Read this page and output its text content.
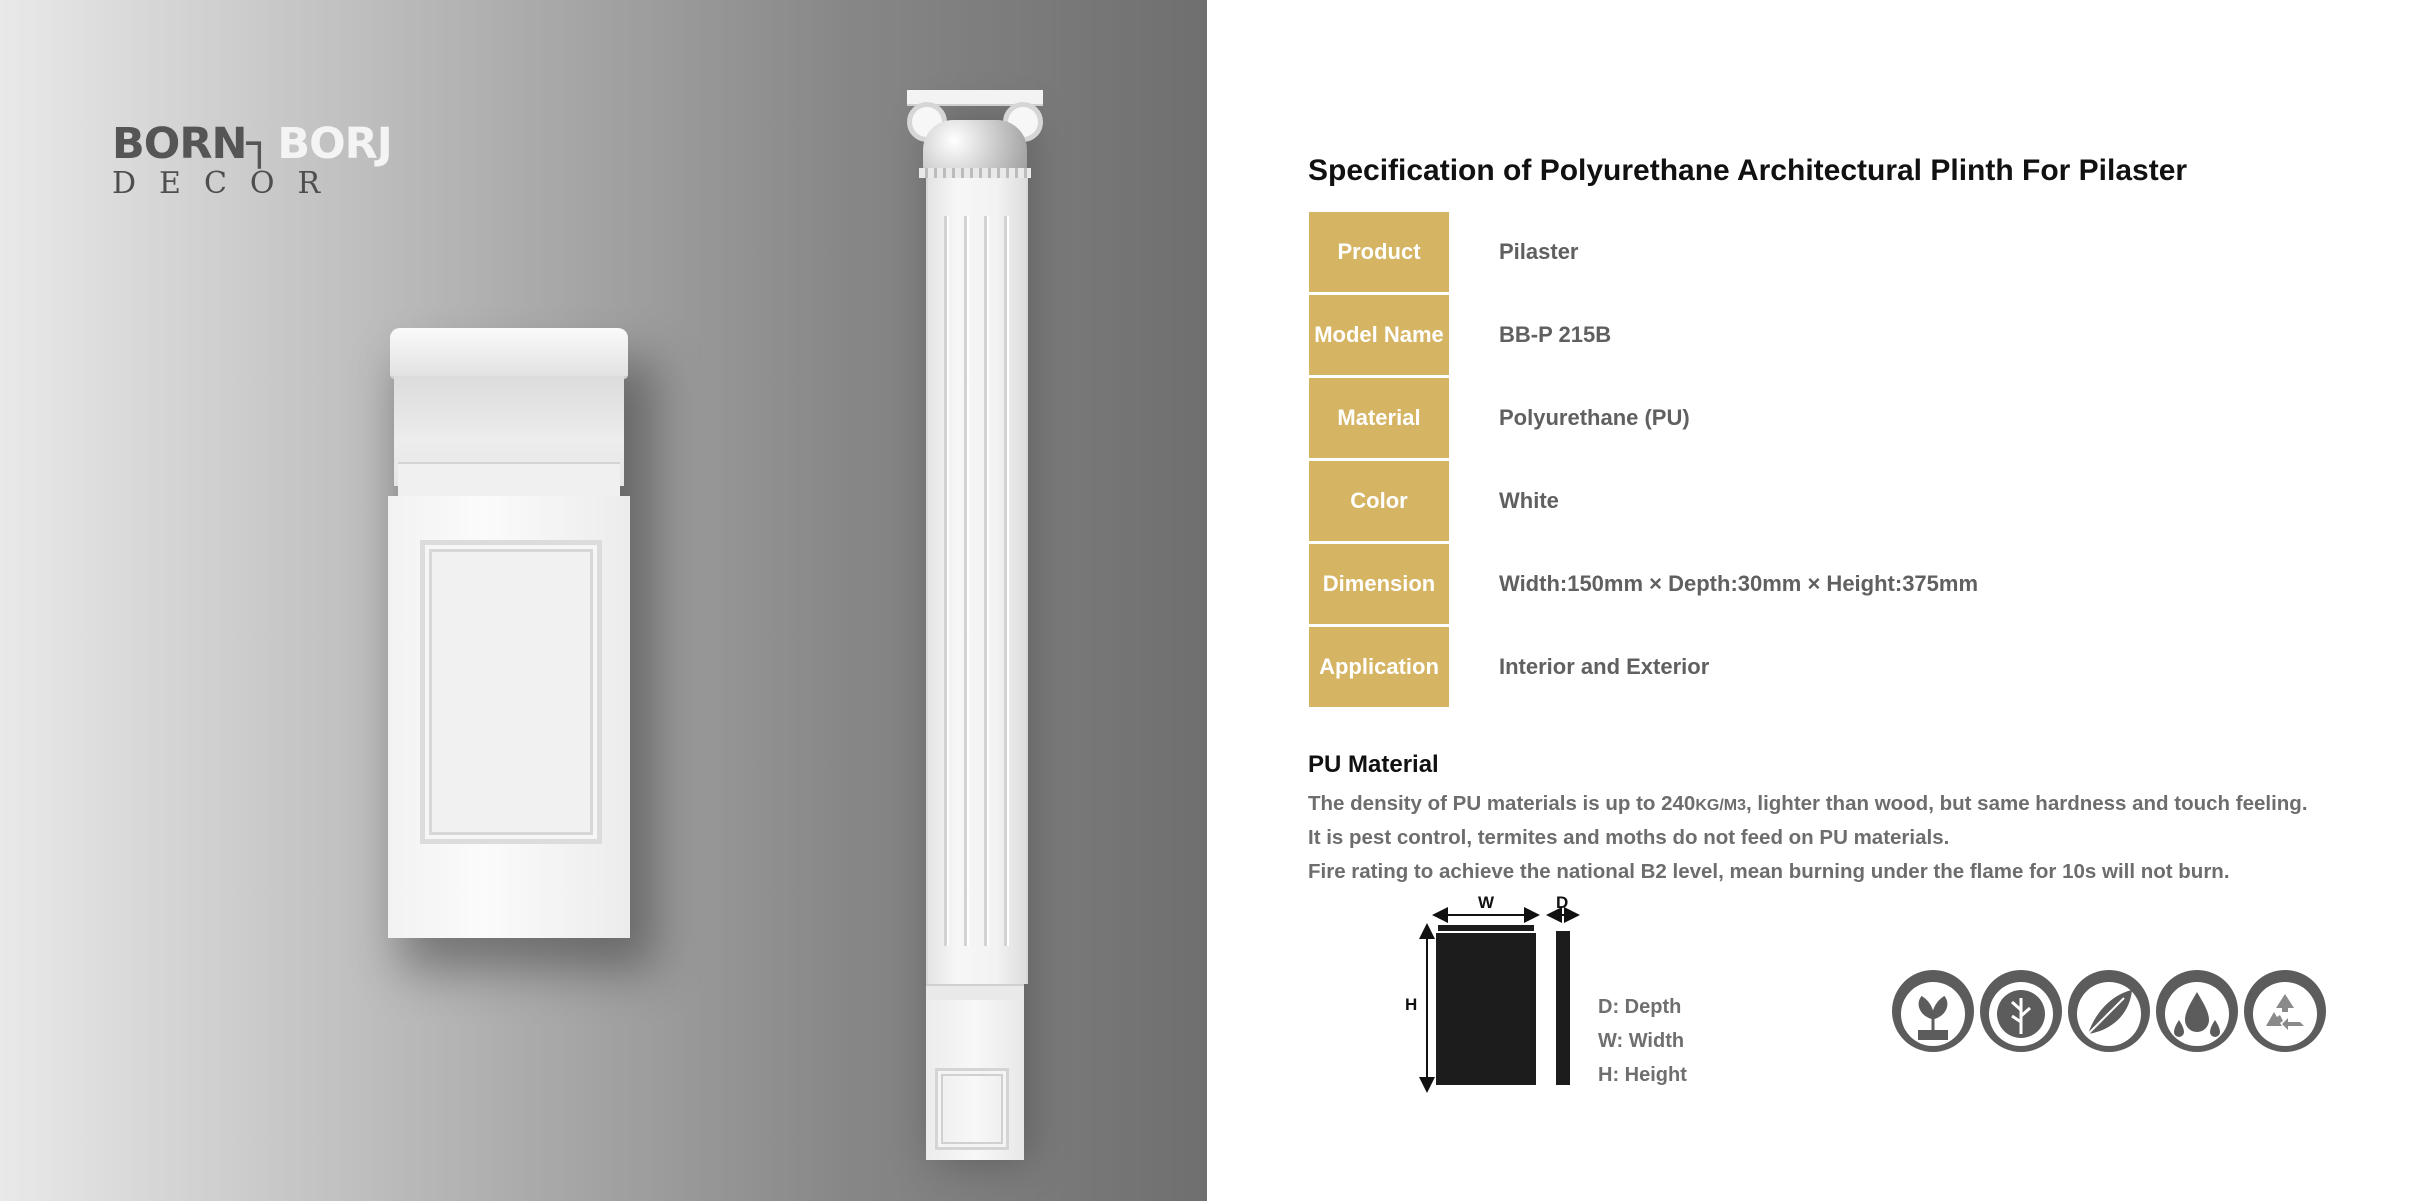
BORN┐ BORJ
DECOR	Specification of Polyurethane Architectural Plinth For Pilaster
Product	Pilaster
Model Name	BB-P 215B
Material	Polyurethane (PU)
Color	White
Dimension	Width:150mm × Depth:30mm × Height:375mm
Application	Interior and Exterior
PU Material
The density of PU materials is up to 240KG/M3, lighter than wood, but same hardness and touch feeling.
It is pest control, termites and moths do not feed on PU materials.
Fire rating to achieve the national B2 level, mean burning under the flame for 10s will not burn.
W	D
H	D: Depth
W: Width
H: Height
